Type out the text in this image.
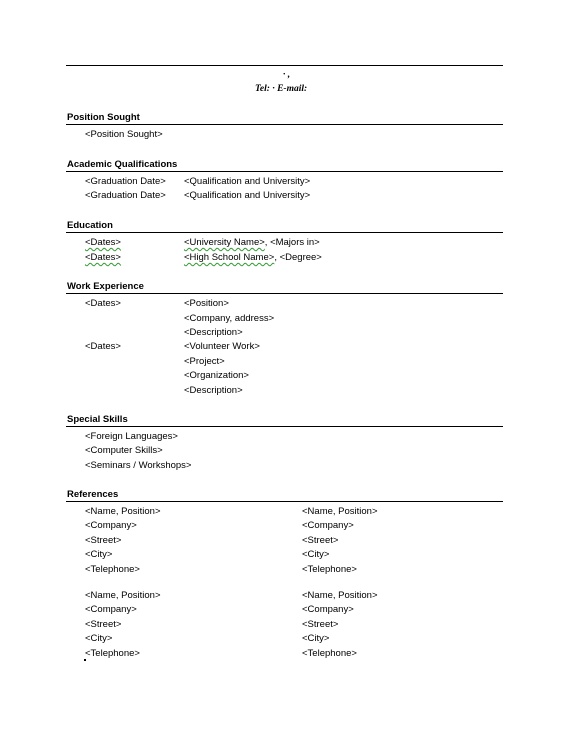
· ,
Tel: · E-mail:
Position Sought
<Position Sought>
Academic Qualifications
<Graduation Date> <Qualification and University>
<Graduation Date> <Qualification and University>
Education
<Dates>	<University Name>, <Majors in>
<Dates>	<High School Name>, <Degree>
Work Experience
<Dates>	<Position>
<Company, address>
<Description>
<Dates>	<Volunteer Work>
<Project>
<Organization>
<Description>
Special Skills
<Foreign Languages>
<Computer Skills>
<Seminars / Workshops>
References
<Name, Position>
<Company>
<Street>
<City>
<Telephone>
<Name, Position>
<Company>
<Street>
<City>
<Telephone>
<Name, Position>
<Company>
<Street>
<City>
<Telephone>
<Name, Position>
<Company>
<Street>
<City>
<Telephone>
